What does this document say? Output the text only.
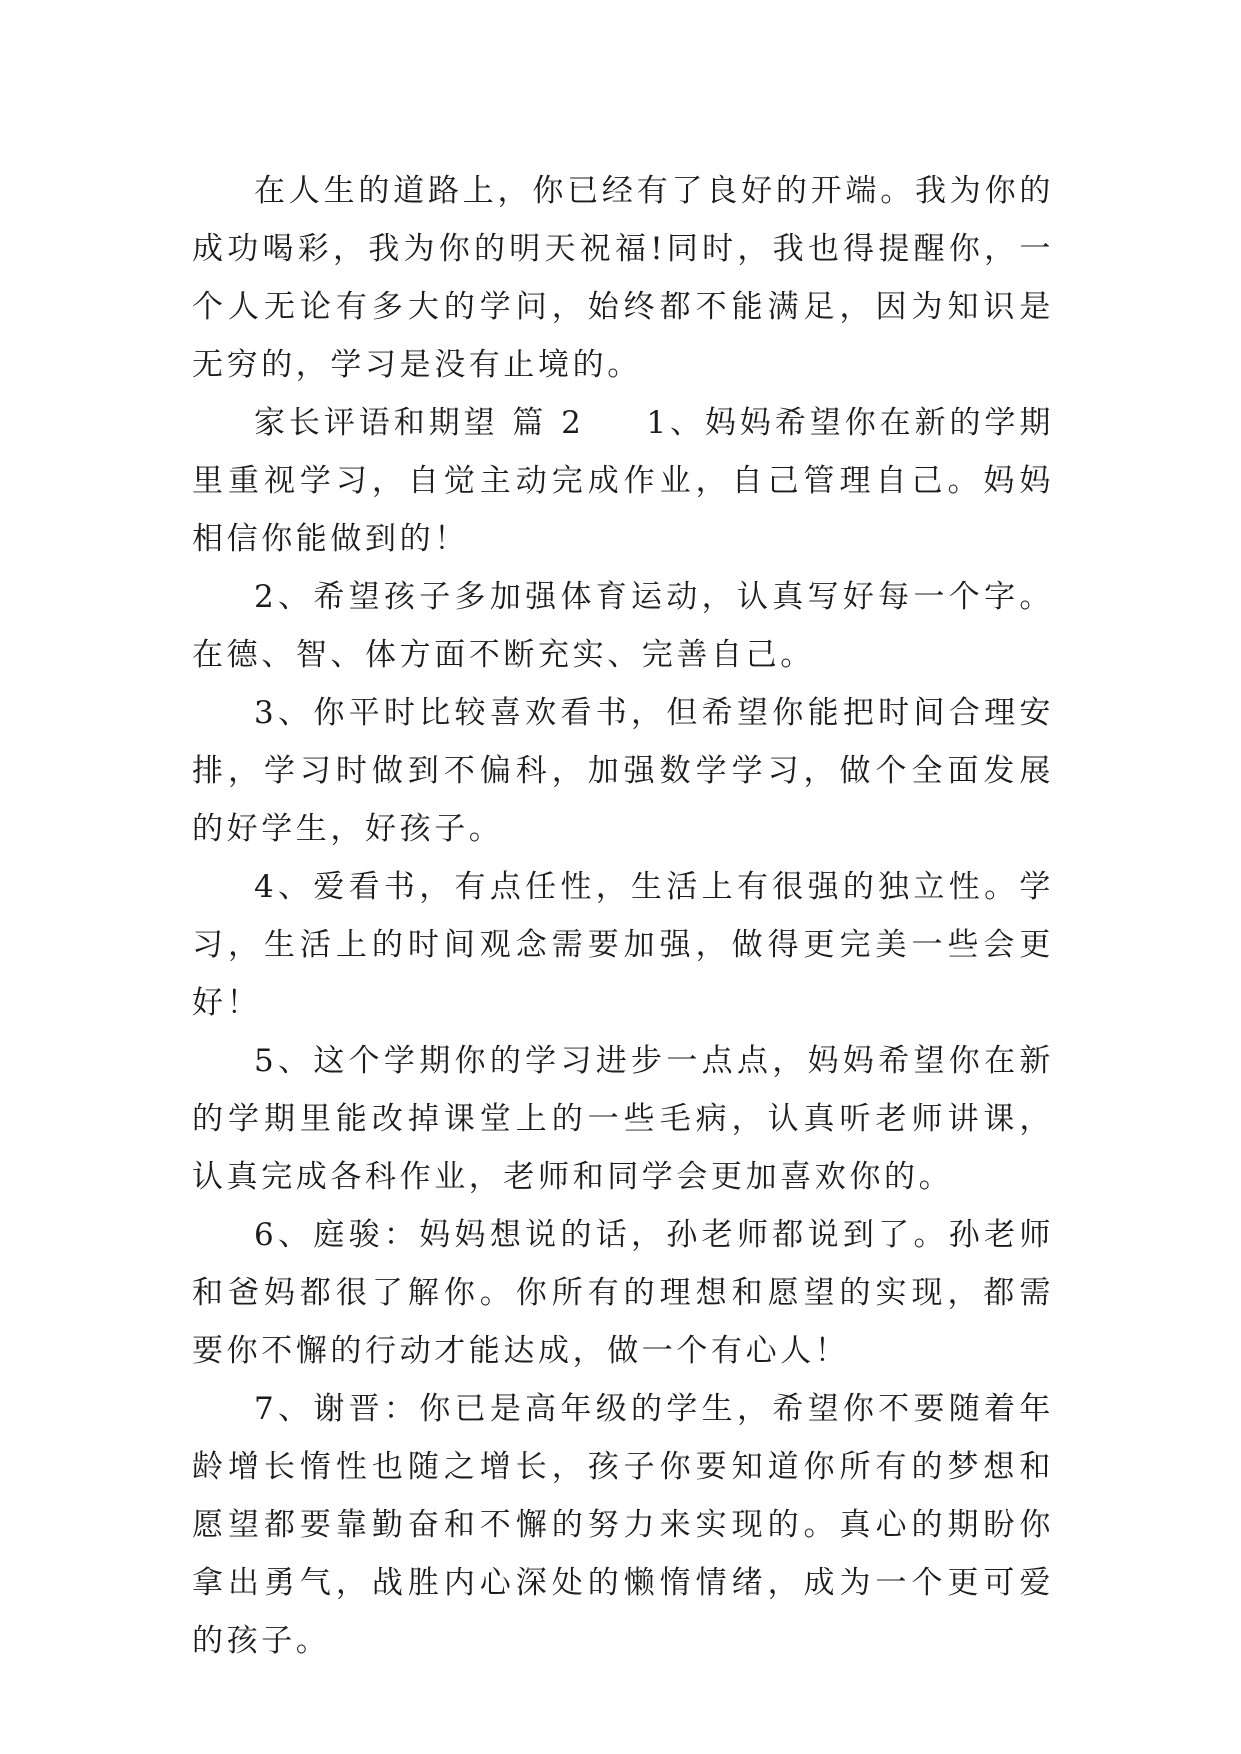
在人生的道路上，你已经有了良好的开端。我为你的成功喝彩，我为你的明天祝福!同时，我也得提醒你，一个人无论有多大的学问，始终都不能满足，因为知识是无穷的，学习是没有止境的。

家长评语和期望 篇 2 1、妈妈希望你在新的学期里重视学习，自觉主动完成作业，自己管理自己。妈妈相信你能做到的！

2、希望孩子多加强体育运动，认真写好每一个字。在德、智、体方面不断充实、完善自己。

3、你平时比较喜欢看书，但希望你能把时间合理安排，学习时做到不偏科，加强数学学习，做个全面发展的好学生，好孩子。

4、爱看书，有点任性，生活上有很强的独立性。学习，生活上的时间观念需要加强，做得更完美一些会更好！

5、这个学期你的学习进步一点点，妈妈希望你在新的学期里能改掉课堂上的一些毛病，认真听老师讲课，认真完成各科作业，老师和同学会更加喜欢你的。

6、庭骏：妈妈想说的话，孙老师都说到了。孙老师和爸妈都很了解你。你所有的理想和愿望的实现，都需要你不懈的行动才能达成，做一个有心人！

7、谢晋：你已是高年级的学生，希望你不要随着年龄增长惰性也随之增长，孩子你要知道你所有的梦想和愿望都要靠勤奋和不懈的努力来实现的。真心的期盼你拿出勇气，战胜内心深处的懒惰情绪，成为一个更可爱的孩子。
